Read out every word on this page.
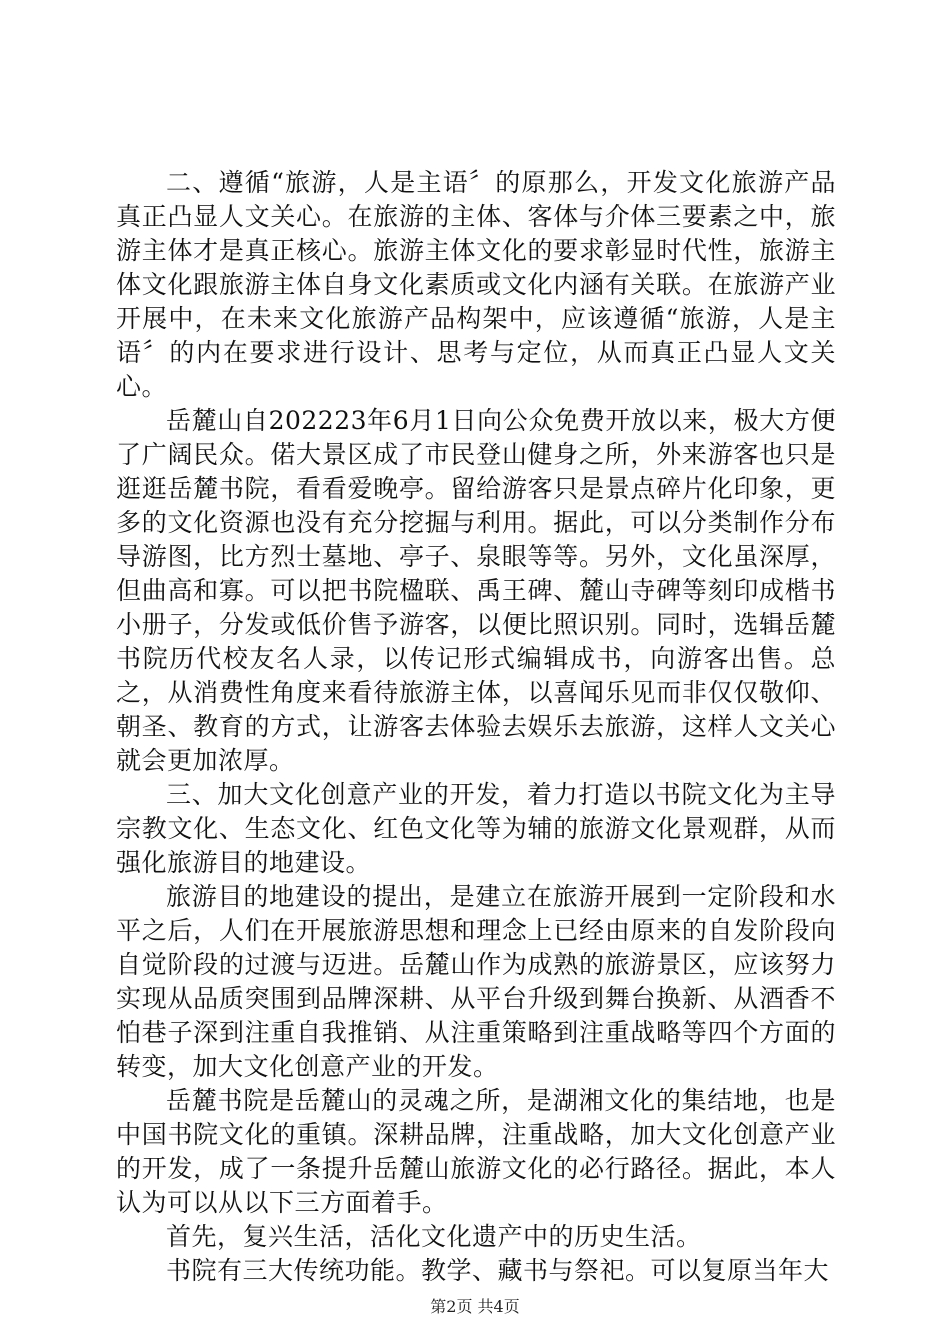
二、遵循“旅游，人是主语〞的原那么，开发文化旅游产品真正凸显人文关心。在旅游的主体、客体与介体三要素之中，旅游主体才是真正核心。旅游主体文化的要求彰显时代性，旅游主体文化跟旅游主体自身文化素质或文化内涵有关联。在旅游产业开展中，在未来文化旅游产品构架中，应该遵循“旅游，人是主语〞的内在要求进行设计、思考与定位，从而真正凸显人文关心。

岳麓山自202223年6月1日向公众免费开放以来，极大方便了广阔民众。偌大景区成了市民登山健身之所，外来游客也只是逛逛岳麓书院，看看爱晚亭。留给游客只是景点碎片化印象，更多的文化资源也没有充分挖掘与利用。据此，可以分类制作分布导游图，比方烈士墓地、亭子、泉眼等等。另外，文化虽深厚，但曲高和寡。可以把书院楹联、禹王碑、麓山寺碑等刻印成楷书小册子，分发或低价售予游客，以便比照识别。同时，选辑岳麓书院历代校友名人录，以传记形式编辑成书，向游客出售。总之，从消费性角度来看待旅游主体，以喜闻乐见而非仅仅敬仰、朝圣、教育的方式，让游客去体验去娱乐去旅游，这样人文关心就会更加浓厚。

三、加大文化创意产业的开发，着力打造以书院文化为主导宗教文化、生态文化、红色文化等为辅的旅游文化景观群，从而强化旅游目的地建设。

旅游目的地建设的提出，是建立在旅游开展到一定阶段和水平之后，人们在开展旅游思想和理念上已经由原来的自发阶段向自觉阶段的过渡与迈进。岳麓山作为成熟的旅游景区，应该努力实现从品质突围到品牌深耕、从平台升级到舞台换新、从酒香不怕巷子深到注重自我推销、从注重策略到注重战略等四个方面的转变，加大文化创意产业的开发。

岳麓书院是岳麓山的灵魂之所，是湖湘文化的集结地，也是中国书院文化的重镇。深耕品牌，注重战略，加大文化创意产业的开发，成了一条提升岳麓山旅游文化的必行路径。据此，本人认为可以从以下三方面着手。

首先，复兴生活，活化文化遗产中的历史生活。

书院有三大传统功能。教学、藏书与祭祀。可以复原当年大

第2页 共4页
